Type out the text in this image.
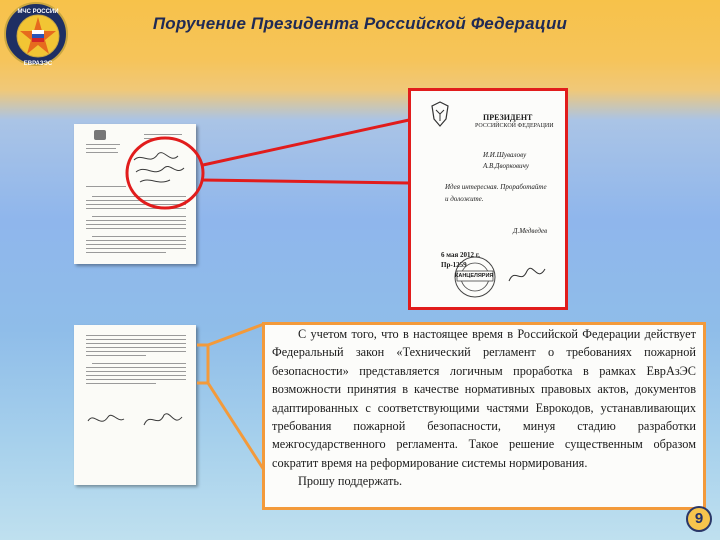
МЧС РОССИИ
ЕВРАЗЭС
Поручение Президента Российской Федерации
ПРЕЗИДЕНТ
РОССИЙСКОЙ ФЕДЕРАЦИИ
И.И.Шуваловy
А.В.Дворковичу
Идея интересная. Проработайте
и доложите.
Д.Медведев
6 мая 2012 г.
Пр-1259
КАНЦЕЛЯРИЯ

С учетом того, что в настоящее время в Российской Федерации действует Федеральный закон «Технический регламент о требованиях пожарной безопасности» представляется логичным проработка в рамках ЕврАзЭС возможности принятия в качестве нормативных правовых актов, документов адаптированных с соответствующими частями Еврокодов, устанавливающих требования пожарной безопасности, минуя стадию разработки межгосударственного регламента. Такое решение существенным образом сократит время на реформирование системы нормирования.

Прошу поддержать.

9
